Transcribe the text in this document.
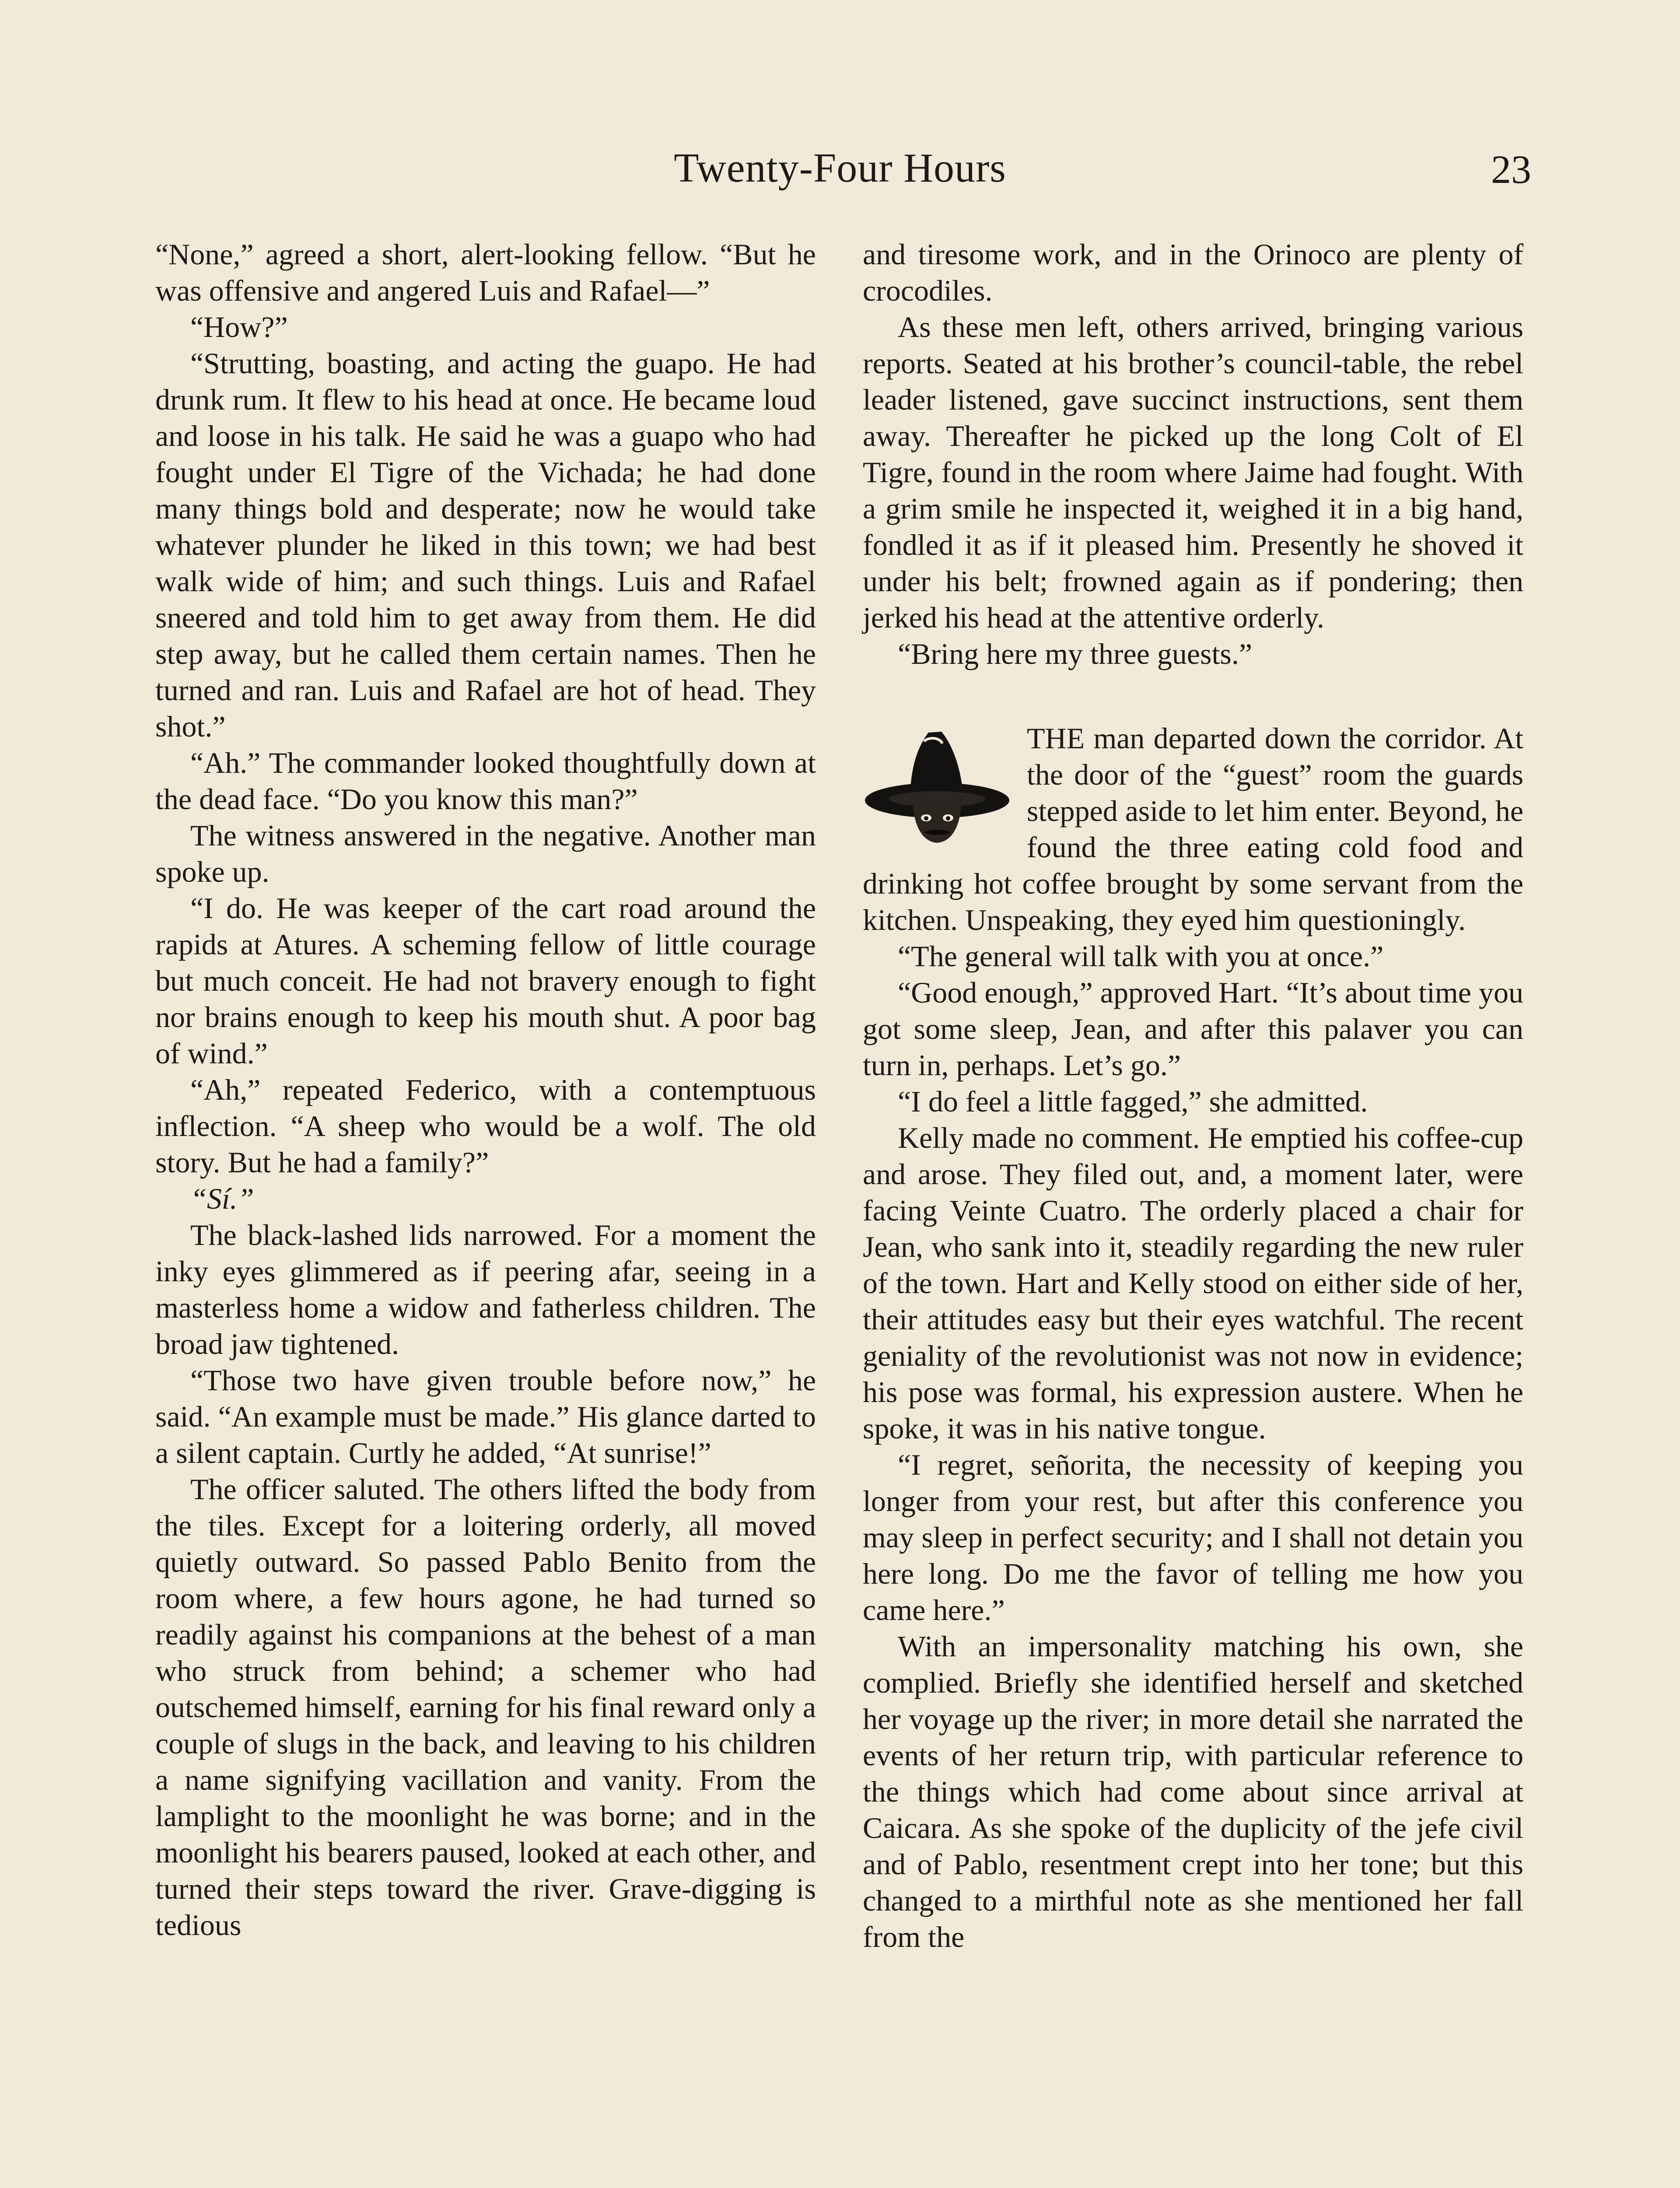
Twenty-Four Hours	23

“None,” agreed a short, alert-looking fellow. “But he was offensive and angered Luis and Rafael—”

“How?”

“Strutting, boasting, and acting the guapo. He had drunk rum. It flew to his head at once. He became loud and loose in his talk. He said he was a guapo who had fought under El Tigre of the Vichada; he had done many things bold and desperate; now he would take whatever plunder he liked in this town; we had best walk wide of him; and such things. Luis and Rafael sneered and told him to get away from them. He did step away, but he called them certain names. Then he turned and ran. Luis and Rafael are hot of head. They shot.”

“Ah.” The commander looked thoughtfully down at the dead face. “Do you know this man?”

The witness answered in the negative. Another man spoke up.

“I do. He was keeper of the cart road around the rapids at Atures. A scheming fellow of little courage but much conceit. He had not bravery enough to fight nor brains enough to keep his mouth shut. A poor bag of wind.”

“Ah,” repeated Federico, with a contemptuous inflection. “A sheep who would be a wolf. The old story. But he had a family?”

“Sí.”

The black-lashed lids narrowed. For a moment the inky eyes glimmered as if peering afar, seeing in a masterless home a widow and fatherless children. The broad jaw tightened.

“Those two have given trouble before now,” he said. “An example must be made.” His glance darted to a silent captain. Curtly he added, “At sunrise!”

The officer saluted. The others lifted the body from the tiles. Except for a loitering orderly, all moved quietly outward. So passed Pablo Benito from the room where, a few hours agone, he had turned so readily against his companions at the behest of a man who struck from behind; a schemer who had outschemed himself, earning for his final reward only a couple of slugs in the back, and leaving to his children a name signifying vacillation and vanity. From the lamplight to the moonlight he was borne; and in the moonlight his bearers paused, looked at each other, and turned their steps toward the river. Grave-digging is tedious

and tiresome work, and in the Orinoco are plenty of crocodiles.

As these men left, others arrived, bringing various reports. Seated at his brother’s council-table, the rebel leader listened, gave succinct instructions, sent them away. Thereafter he picked up the long Colt of El Tigre, found in the room where Jaime had fought. With a grim smile he inspected it, weighed it in a big hand, fondled it as if it pleased him. Presently he shoved it under his belt; frowned again as if pondering; then jerked his head at the attentive orderly.

“Bring here my three guests.”

THE man departed down the corridor. At the door of the “guest” room the guards stepped aside to let him enter. Beyond, he found the three eating cold food and drinking hot coffee brought by some servant from the kitchen. Unspeaking, they eyed him questioningly.

“The general will talk with you at once.”

“Good enough,” approved Hart. “It’s about time you got some sleep, Jean, and after this palaver you can turn in, perhaps. Let’s go.”

“I do feel a little fagged,” she admitted.

Kelly made no comment. He emptied his coffee-cup and arose. They filed out, and, a moment later, were facing Veinte Cuatro. The orderly placed a chair for Jean, who sank into it, steadily regarding the new ruler of the town. Hart and Kelly stood on either side of her, their attitudes easy but their eyes watchful. The recent geniality of the revolutionist was not now in evidence; his pose was formal, his expression austere. When he spoke, it was in his native tongue.

“I regret, señorita, the necessity of keeping you longer from your rest, but after this conference you may sleep in perfect security; and I shall not detain you here long. Do me the favor of telling me how you came here.”

With an impersonality matching his own, she complied. Briefly she identified herself and sketched her voyage up the river; in more detail she narrated the events of her return trip, with particular reference to the things which had come about since arrival at Caicara. As she spoke of the duplicity of the jefe civil and of Pablo, resentment crept into her tone; but this changed to a mirthful note as she mentioned her fall from the
